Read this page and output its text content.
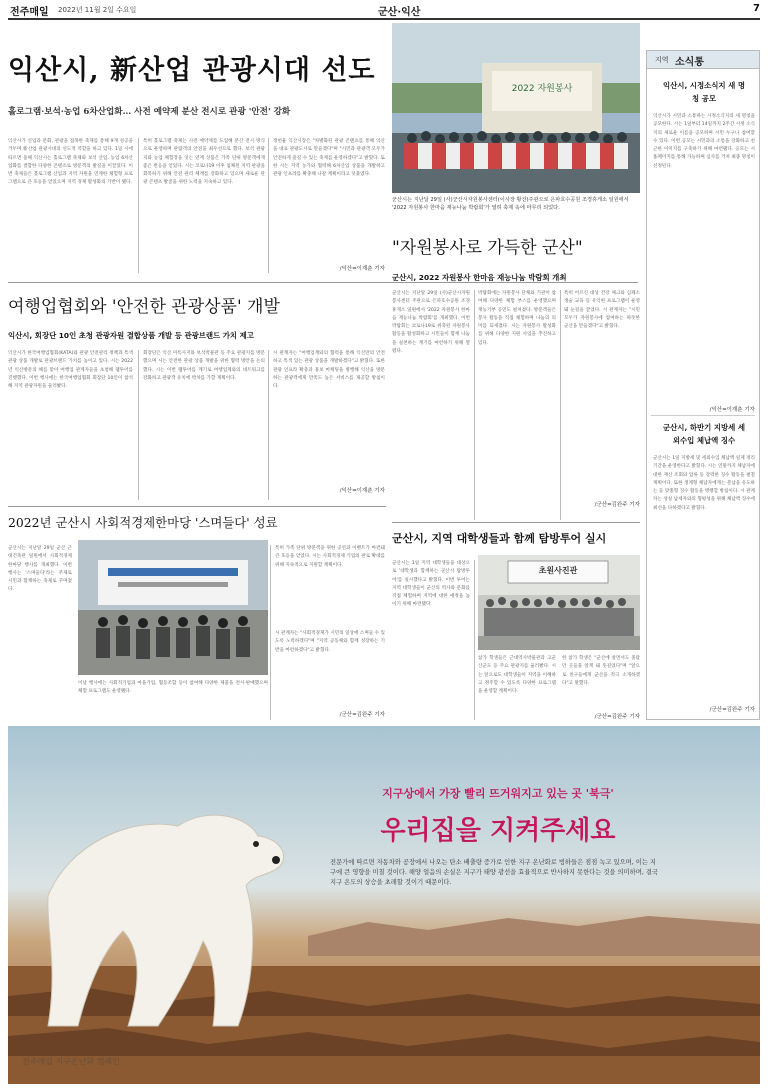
전주매일 2022년 11월 2일 수요일	군산·익산	7
익산시, 新산업 관광시대 선도
홀로그램·보석·농업 6차산업화… 사전 예약제 분산 전시로 관광 '안전' 강화
익산시가 신업과 문화, 관광을 접목한 축제를 통해 9개 성공을 거두며 新산업 관광시대의 선도적 역할을 하고 있다. 1일 시에 따르면 올해 익산시는 홀로그램 축제와 보석 산업, 농업 6차산업화를 결합한 다양한 콘텐츠로 방문객의 발길을 이끌었다. 이번 축제들은 홀로그램 산업과 지역 자원을 연계한 체험형 프로그램으로 큰 호응을 얻었으며 지역 경제 활성화의 기반이 됐다.
특히 홀로그램 축제는 사전 예약제를 도입해 분산 전시 방식으로 운영하며 관람객의 안전을 최우선으로 했다. 보석 관광지와 농업 체험장을 잇는 연계 상품은 가족 단위 방문객에게 좋은 반응을 얻었다. 시는 코로나19 이후 침체된 지역 관광을 회복하기 위해 안전 관리 체계를 강화하고 있으며 새로운 관광 콘텐츠 발굴을 위한 노력을 지속하고 있다.
정헌율 익산시장은 "차별화된 관광 콘텐츠를 통해 익산을 대표 관광도시로 만들겠다"며 "시민과 관광객 모두가 안전하게 즐길 수 있는 축제를 운영하겠다"고 밝혔다. 또한 시는 지역 농가와 협력해 6차산업 상품을 개발하고 관광 인프라를 확충해 나갈 계획이라고 덧붙였다.
/익산=이재춘 기자
2022 자원봉사
군산시는 지난달 29일 (사)군산시자원봉사센터(이사장 황진)주관으로 은파호수공원 조경휴게소 일원에서 '2022 자원봉사 한마음 재능나눔 박람회'가 열려 축제 속에 마무리 되었다.
여행업협회와 '안전한 관광상품' 개발
익산시, 회장단 10인 초청 관광자원 결합상품 개발 등 관광브랜드 가치 제고
익산시가 한국여행업협회(KATA)와 관광 안전관리 정책과 특색 관광 상품 개발로 관광브랜드 가치를 높이고 있다. 시는 2022년 익산방문의 해를 맞아 여행업 관계자들을 초청해 팸투어를 진행했다. 이번 행사에는 한국여행업협회 회장단 10인이 참석해 지역 관광자원을 둘러봤다.
회장단은 익산 미륵사지와 보석박물관 등 주요 관광지를 방문했으며 시는 안전한 관광 상품 개발을 위한 협력 방안을 논의했다. 시는 이번 팸투어를 계기로 여행업계와의 네트워크를 강화하고 관광객 유치에 박차를 가할 계획이다.
시 관계자는 "여행업계와의 협력을 통해 익산만의 안전하고 특색 있는 관광 상품을 개발하겠다"고 밝혔다. 또한 관광 인프라 확충과 홍보 마케팅을 병행해 익산을 방문하는 관광객에게 만족도 높은 서비스를 제공할 방침이다.
/익산=이재춘 기자
2022년 군산시 사회적경제한마당 '스며들다' 성료
군산시는 지난달 29일 군산 근대건축관 일원에서 사회적경제 한마당 행사를 개최했다. 이번 행사는 '스며들다'라는 주제로 시민과 함께하는 축제로 꾸며졌다.
이날 행사에는 사회적기업과 마을기업, 협동조합 등이 참여해 다양한 제품을 전시·판매했으며 체험 프로그램도 운영됐다.
특히 가족 단위 방문객을 위한 공연과 이벤트가 마련돼 큰 호응을 얻었다. 시는 사회적경제 기업의 판로 확대를 위해 지속적으로 지원할 계획이다.
시 관계자는 "사회적경제가 시민의 일상에 스며들 수 있도록 노력하겠다"며 "지역 공동체와 함께 성장하는 기반을 마련하겠다"고 밝혔다.
/군산=김완주 기자
"자원봉사로 가득한 군산"
군산시, 2022 자원봉사 한마음 재능나눔 박람회 개최
군산시는 지난달 29일 (사)군산시자원봉사센터 주관으로 은파호수공원 조경휴게소 일원에서 '2022 자원봉사 한마음 재능나눔 박람회'를 개최했다. 이번 박람회는 코로나19로 위축된 자원봉사 활동을 활성화하고 시민들이 함께 나눔을 실천하는 계기를 마련하기 위해 열렸다.
박람회에는 자원봉사 단체와 기관이 참여해 다양한 체험 부스를 운영했으며 재능기부 공연도 펼쳐졌다. 방문객들은 봉사 활동을 직접 체험하며 나눔의 의미를 되새겼다. 시는 자원봉사 활성화를 위해 다양한 지원 사업을 추진하고 있다.
특히 어르신 대상 건강 체크와 심폐소생술 교육 등 유익한 프로그램이 운영돼 눈길을 끌었다. 시 관계자는 "시민 모두가 자원봉사에 참여하는 따뜻한 군산을 만들겠다"고 밝혔다.
/군산=김완주 기자
군산시, 지역 대학생들과 함께 탐방투어 실시
군산시는 1일 지역 대학생들을 대상으로 '대학생과 함께하는 군산시 탐방투어'를 실시했다고 밝혔다. 이번 투어는 지역 대학생들이 군산의 역사와 문화를 직접 체험하며 지역에 대한 애정을 높이기 위해 마련됐다.
초원사진관
참가 학생들은 근대역사박물관과 고군산군도 등 주요 관광지를 둘러봤다. 시는 앞으로도 대학생들이 지역을 이해하고 정주할 수 있도록 다양한 프로그램을 운영할 계획이다.
한 참가 학생은 "군산에 살면서도 몰랐던 곳들을 알게 돼 뜻깊었다"며 "앞으로 친구들에게 군산을 적극 소개하겠다"고 말했다.
/군산=김완주 기자
지역 소식통
익산시, 시정소식지 새 명칭 공모
익산시가 시민과 소통하는 시정소식지의 새 명칭을 공모한다. 시는 1일부터 14일까지 2주간 시정 소식지의 새로운 이름을 공모하며 시민 누구나 참여할 수 있다. 이번 공모는 시민과의 소통을 강화하고 친근한 이미지를 구축하기 위해 마련됐다. 응모는 시 홈페이지를 통해 가능하며 심사를 거쳐 최종 명칭이 선정된다.
/익산=이재춘 기자
군산시, 하반기 지방세 세외수입 체납액 징수
군산시는 1일 지방세 및 세외수입 체납액 일제 정리 기간을 운영한다고 밝혔다. 시는 연말까지 체납자에 대한 재산 조회와 압류 등 강력한 징수 활동을 펼칠 계획이다. 또한 생계형 체납자에게는 분납을 유도하는 등 맞춤형 징수 활동을 병행할 방침이다. 시 관계자는 성실 납세자와의 형평성을 위해 체납액 징수에 최선을 다하겠다고 밝혔다.
/군산=김완주 기자
지구상에서 가장 빨리 뜨거워지고 있는 곳 '북극'
우리집을 지켜주세요
전문가에 따르면 자동차와 공장에서 나오는 탄소 배출량 증가로 인한 지구 온난화로 빙하들은 점점 녹고 있으며, 이는 지구에 큰 영향을 미칠 것이다. 해양 얼음의 손실은 지구가 태양 광선을 효율적으로 반사하지 못한다는 것을 의미하며, 결국 지구 온도의 상승을 초래할 것이기 때문이다.
전주매일 지구온난화 캠페인
